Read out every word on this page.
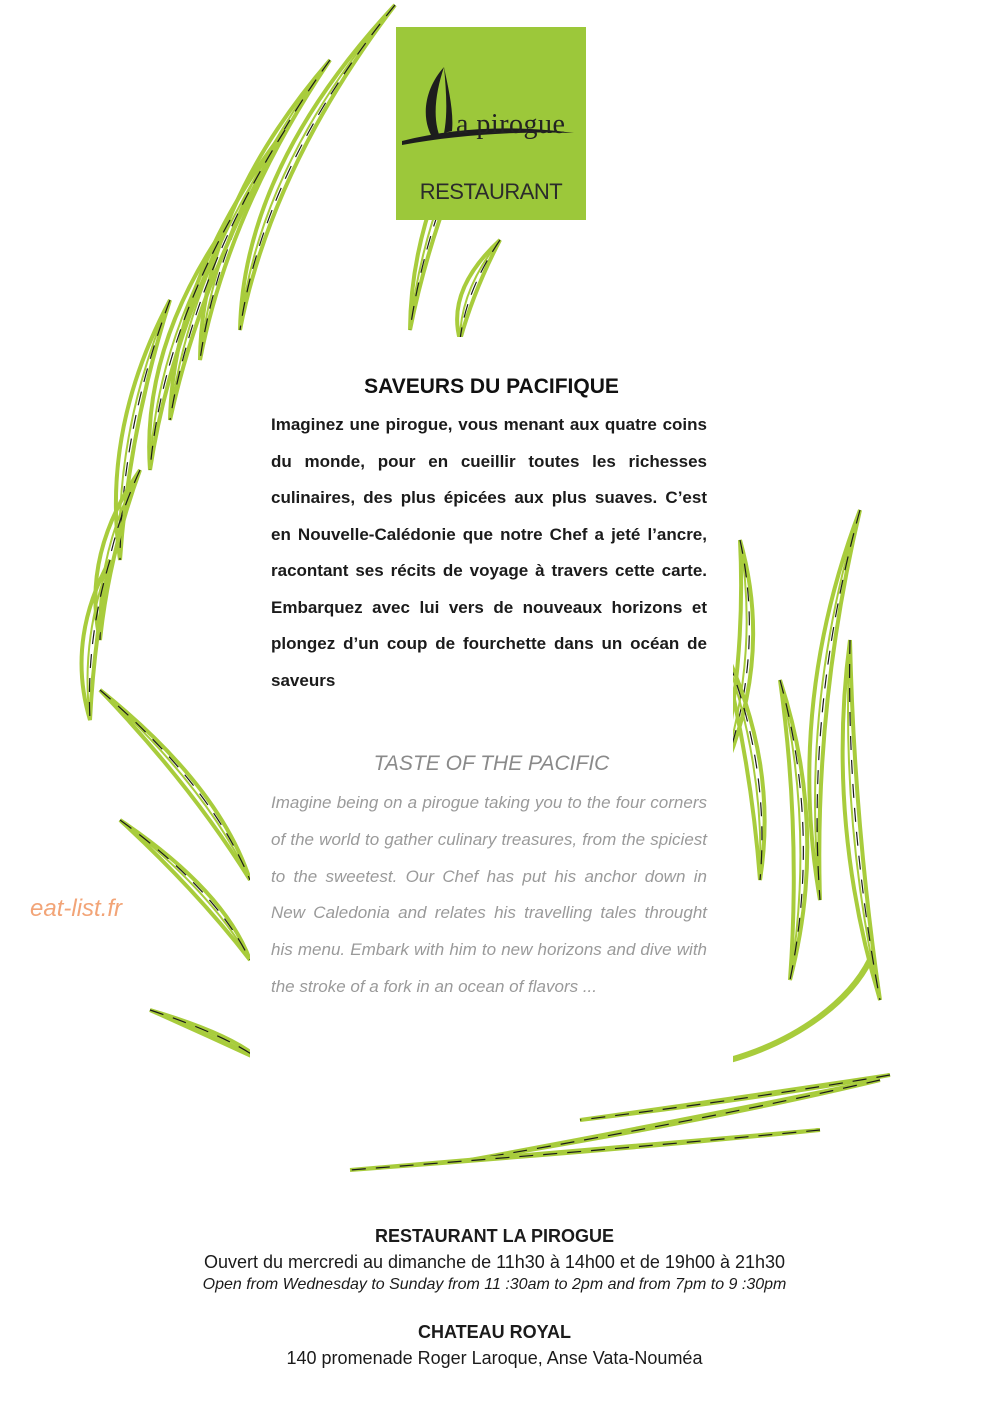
a pirogue
RESTAURANT
SAVEURS DU PACIFIQUE

Imaginez une pirogue, vous menant aux quatre coins du monde, pour en cueillir toutes les richesses culinaires, des plus épicées aux plus suaves. C’est en Nouvelle-Calédonie que notre Chef a jeté l’ancre, racontant ses récits de voyage à travers cette carte. Embarquez avec lui vers de nouveaux horizons et plongez d’un coup de fourchette dans un océan de saveurs

TASTE OF THE PACIFIC

Imagine being on a pirogue taking you to the four corners of the world to gather culinary treasures, from the spiciest to the sweetest. Our Chef has put his anchor down in New Caledonia and relates his travelling tales throught his menu. Embark with him to new horizons and dive with the stroke of a fork in an ocean of flavors ...

eat-list.fr
RESTAURANT LA PIROGUE
Ouvert du mercredi au dimanche de 11h30 à 14h00 et de 19h00 à 21h30
Open from Wednesday to Sunday from 11 :30am to 2pm and from 7pm to 9 :30pm
CHATEAU ROYAL
140 promenade Roger Laroque, Anse Vata-Nouméa
